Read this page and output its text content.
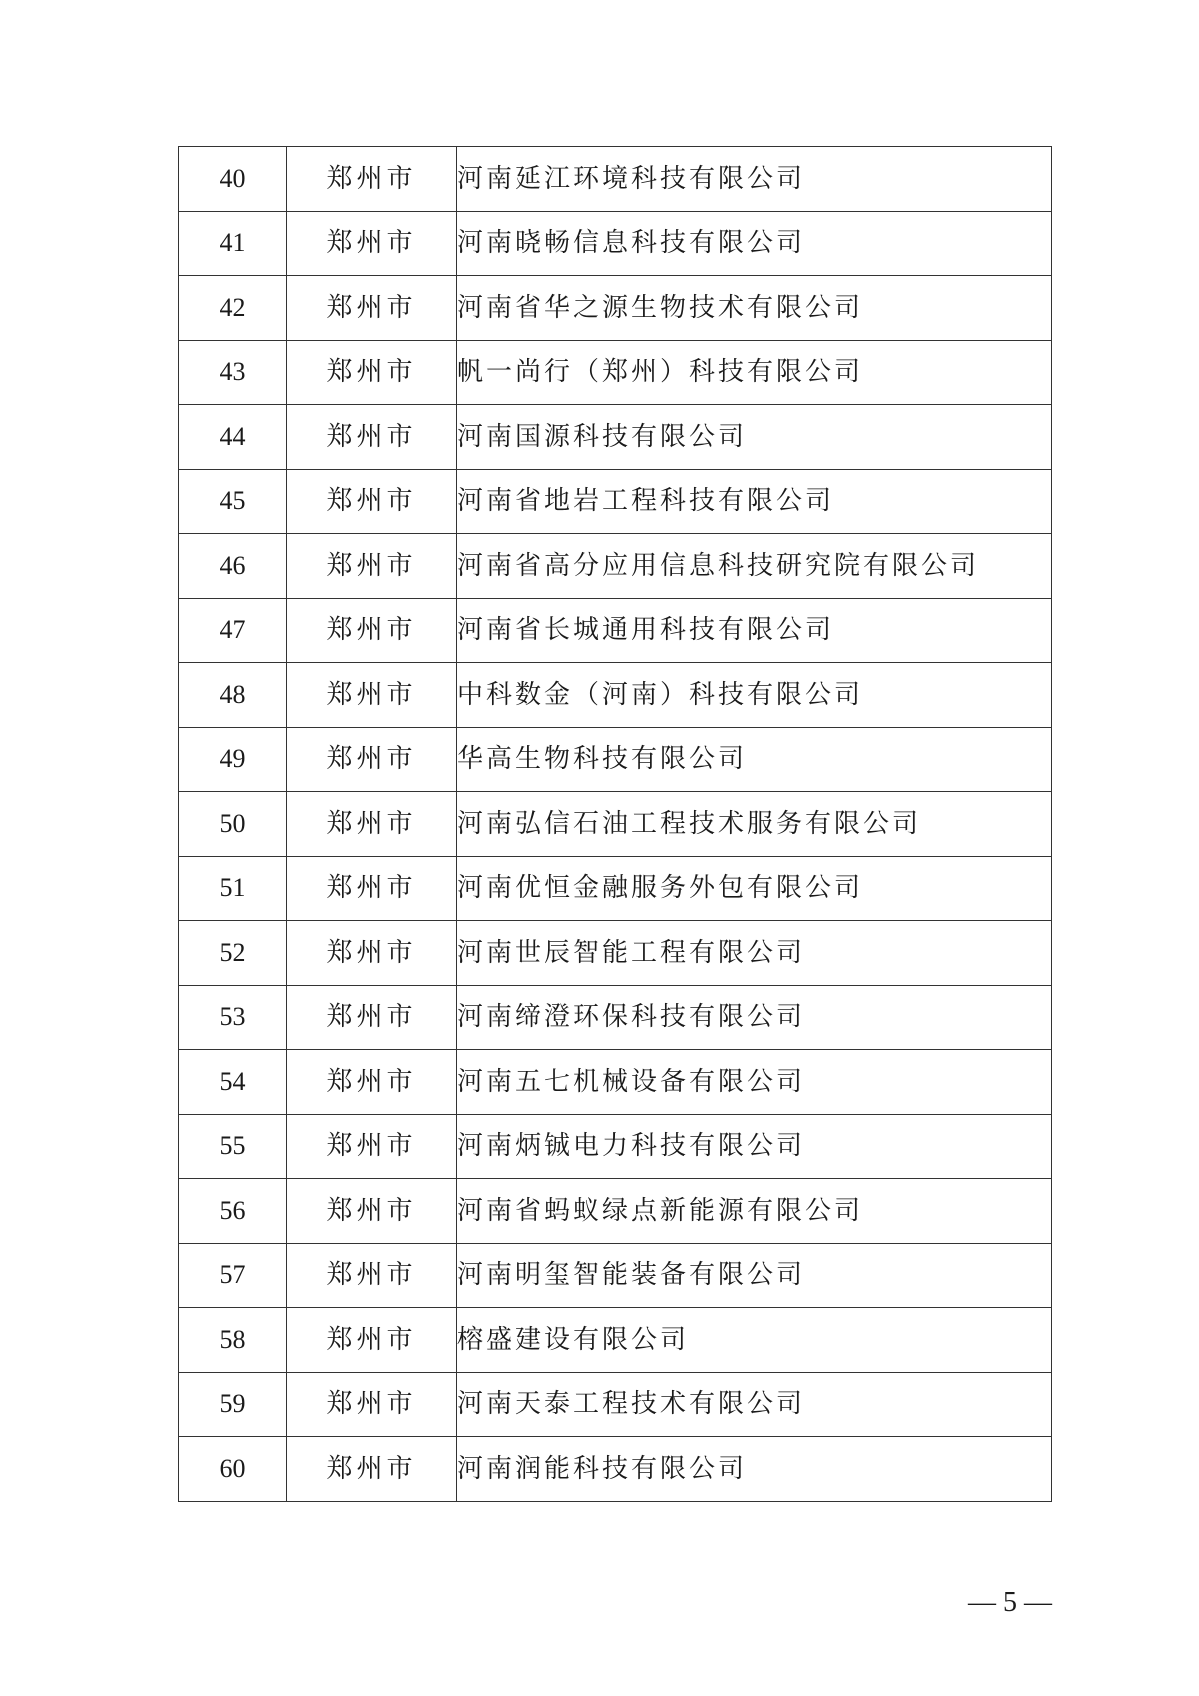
40	郑州市	河南延江环境科技有限公司
41	郑州市	河南晓畅信息科技有限公司
42	郑州市	河南省华之源生物技术有限公司
43	郑州市	帆一尚行（郑州）科技有限公司
44	郑州市	河南国源科技有限公司
45	郑州市	河南省地岩工程科技有限公司
46	郑州市	河南省高分应用信息科技研究院有限公司
47	郑州市	河南省长城通用科技有限公司
48	郑州市	中科数金（河南）科技有限公司
49	郑州市	华高生物科技有限公司
50	郑州市	河南弘信石油工程技术服务有限公司
51	郑州市	河南优恒金融服务外包有限公司
52	郑州市	河南世辰智能工程有限公司
53	郑州市	河南缔澄环保科技有限公司
54	郑州市	河南五七机械设备有限公司
55	郑州市	河南炳铖电力科技有限公司
56	郑州市	河南省蚂蚁绿点新能源有限公司
57	郑州市	河南明玺智能装备有限公司
58	郑州市	榕盛建设有限公司
59	郑州市	河南天泰工程技术有限公司
60	郑州市	河南润能科技有限公司
— 5 —
